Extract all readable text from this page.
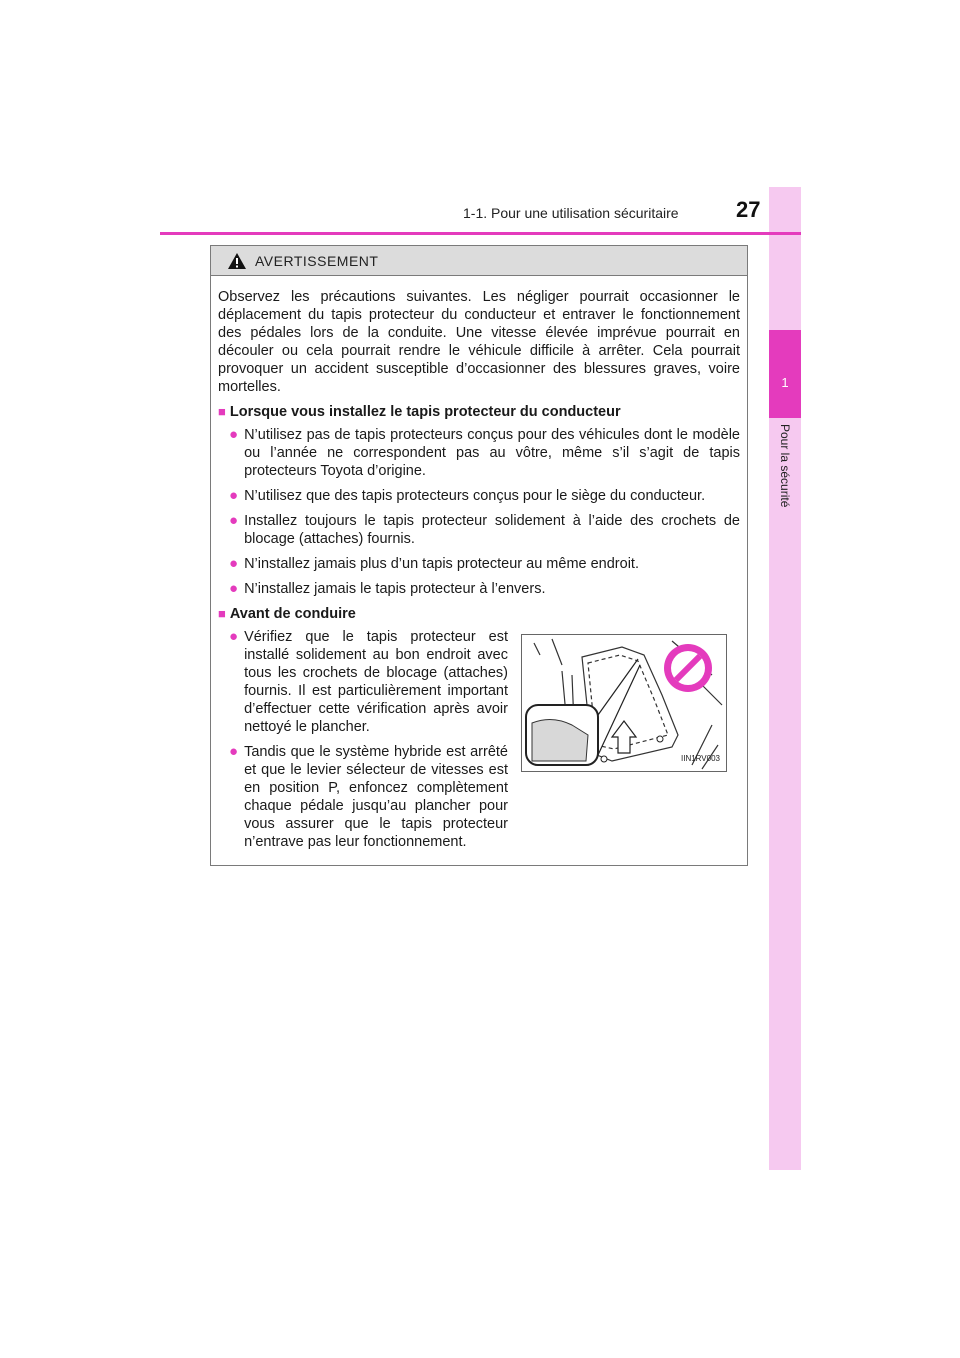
1
Pour la sécurité
1-1. Pour une utilisation sécuritaire	27
AVERTISSEMENT

Observez les précautions suivantes. Les négliger pourrait occasionner le déplacement du tapis protecteur du conducteur et entraver le fonctionnement des pédales lors de la conduite. Une vitesse élevée imprévue pourrait en découler ou cela pourrait rendre le véhicule difficile à arrêter. Cela pourrait provoquer un accident susceptible d’occasionner des blessures graves, voire mortelles.

■ Lorsque vous installez le tapis protecteur du conducteur
● N’utilisez pas de tapis protecteurs conçus pour des véhicules dont le modèle ou l’année ne correspondent pas au vôtre, même s’il s’agit de tapis protecteurs Toyota d’origine.
● N’utilisez que des tapis protecteurs conçus pour le siège du conducteur.
● Installez toujours le tapis protecteur solidement à l’aide des crochets de blocage (attaches) fournis.
● N’installez jamais plus d’un tapis protecteur au même endroit.
● N’installez jamais le tapis protecteur à l’envers.
■ Avant de conduire
● Vérifiez que le tapis protecteur est installé solidement au bon endroit avec tous les crochets de blocage (attaches) fournis. Il est particulièrement important d’effectuer cette vérification après avoir nettoyé le plancher.
● Tandis que le système hybride est arrêté et que le levier sélecteur de vitesses est en position P, enfoncez complètement chaque pédale jusqu’au plancher pour vous assurer que le tapis protecteur n’entrave pas leur fonctionnement.
IIN1RV003
